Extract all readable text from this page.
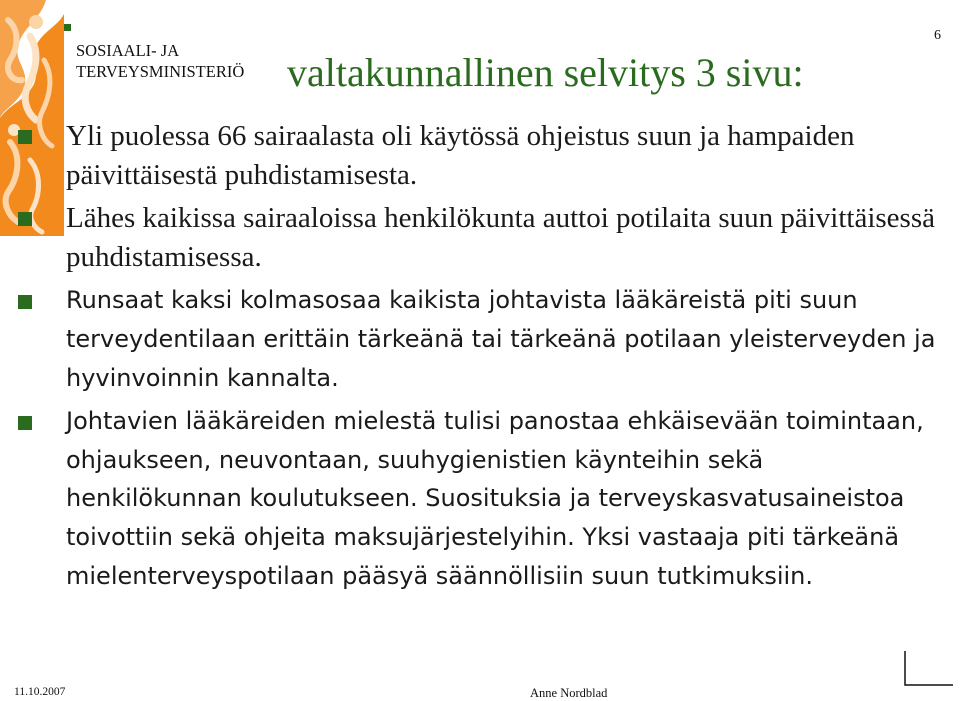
SOSIAALI- JA
TERVEYSMINISTERIÖ
6
valtakunnallinen selvitys 3 sivu:
Yli puolessa 66 sairaalasta oli käytössä ohjeistus suun ja hampaiden päivittäisestä puhdistamisesta.
Lähes kaikissa sairaaloissa henkilökunta auttoi potilaita suun päivittäisessä puhdistamisessa.
Runsaat kaksi kolmasosaa kaikista johtavista lääkäreistä piti suun terveydentilaan erittäin tärkeänä tai tärkeänä potilaan yleisterveyden ja hyvinvoinnin kannalta.
Johtavien lääkäreiden mielestä tulisi panostaa ehkäisevään toimintaan, ohjaukseen, neuvontaan, suuhygienistien käynteihin sekä henkilökunnan koulutukseen. Suosituksia ja terveyskasvatusaineistoa toivottiin sekä ohjeita maksujärjestelyihin. Yksi vastaaja piti tärkeänä mielenterveyspotilaan pääsyä säännöllisiin suun tutkimuksiin.
11.10.2007	Anne Nordblad
